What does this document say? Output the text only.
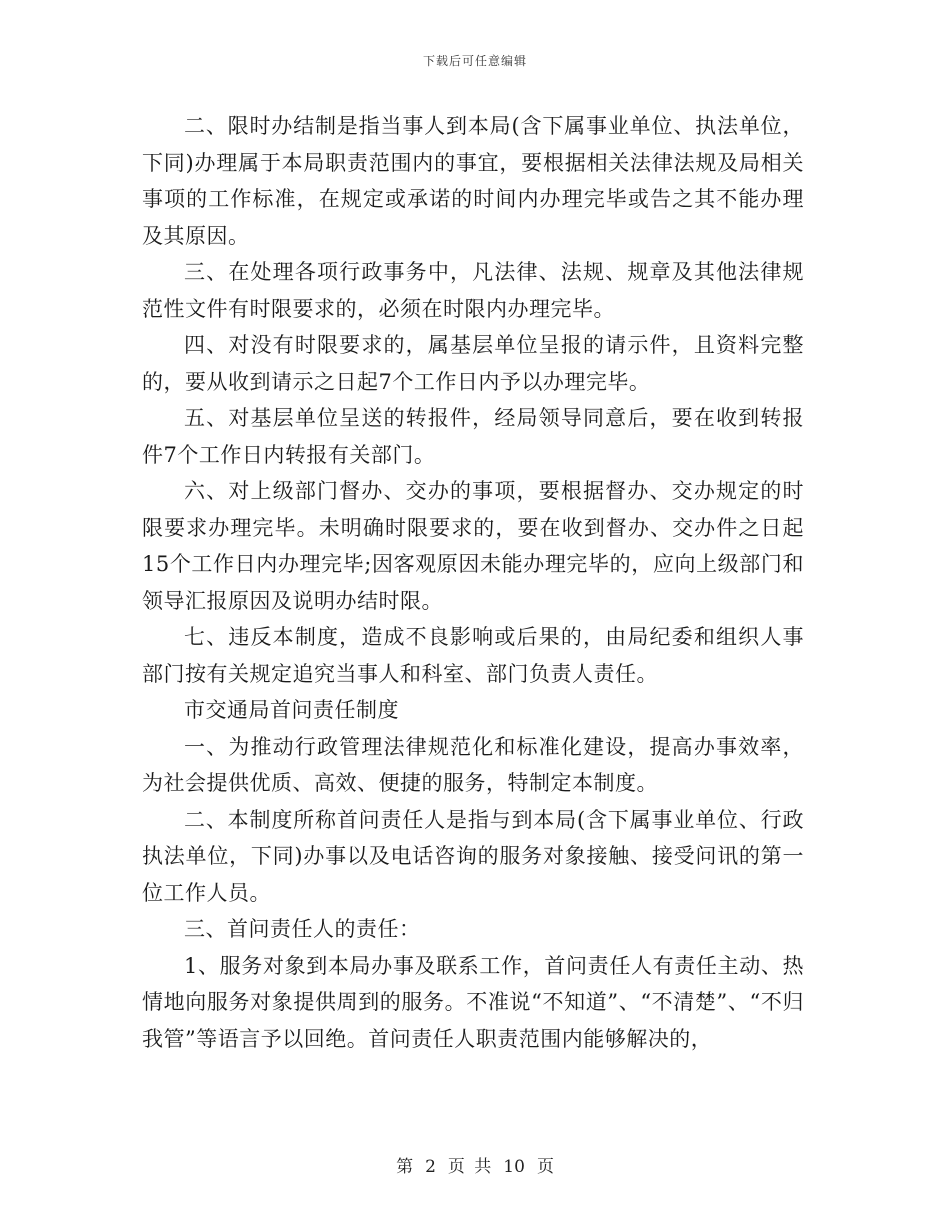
下载后可任意编辑

二、限时办结制是指当事人到本局(含下属事业单位、执法单位，下同)办理属于本局职责范围内的事宜，要根据相关法律法规及局相关事项的工作标准，在规定或承诺的时间内办理完毕或告之其不能办理及其原因。

三、在处理各项行政事务中，凡法律、法规、规章及其他法律规范性文件有时限要求的，必须在时限内办理完毕。

四、对没有时限要求的，属基层单位呈报的请示件，且资料完整的，要从收到请示之日起7个工作日内予以办理完毕。

五、对基层单位呈送的转报件，经局领导同意后，要在收到转报件7个工作日内转报有关部门。

六、对上级部门督办、交办的事项，要根据督办、交办规定的时限要求办理完毕。未明确时限要求的，要在收到督办、交办件之日起15个工作日内办理完毕;因客观原因未能办理完毕的，应向上级部门和领导汇报原因及说明办结时限。

七、违反本制度，造成不良影响或后果的，由局纪委和组织人事部门按有关规定追究当事人和科室、部门负责人责任。

市交通局首问责任制度

一、为推动行政管理法律规范化和标准化建设，提高办事效率，为社会提供优质、高效、便捷的服务，特制定本制度。

二、本制度所称首问责任人是指与到本局(含下属事业单位、行政执法单位，下同)办事以及电话咨询的服务对象接触、接受问讯的第一位工作人员。

三、首问责任人的责任：

1、服务对象到本局办事及联系工作，首问责任人有责任主动、热情地向服务对象提供周到的服务。不准说“不知道”、“不清楚”、“不归我管”等语言予以回绝。首问责任人职责范围内能够解决的，

第 2 页 共 10 页
